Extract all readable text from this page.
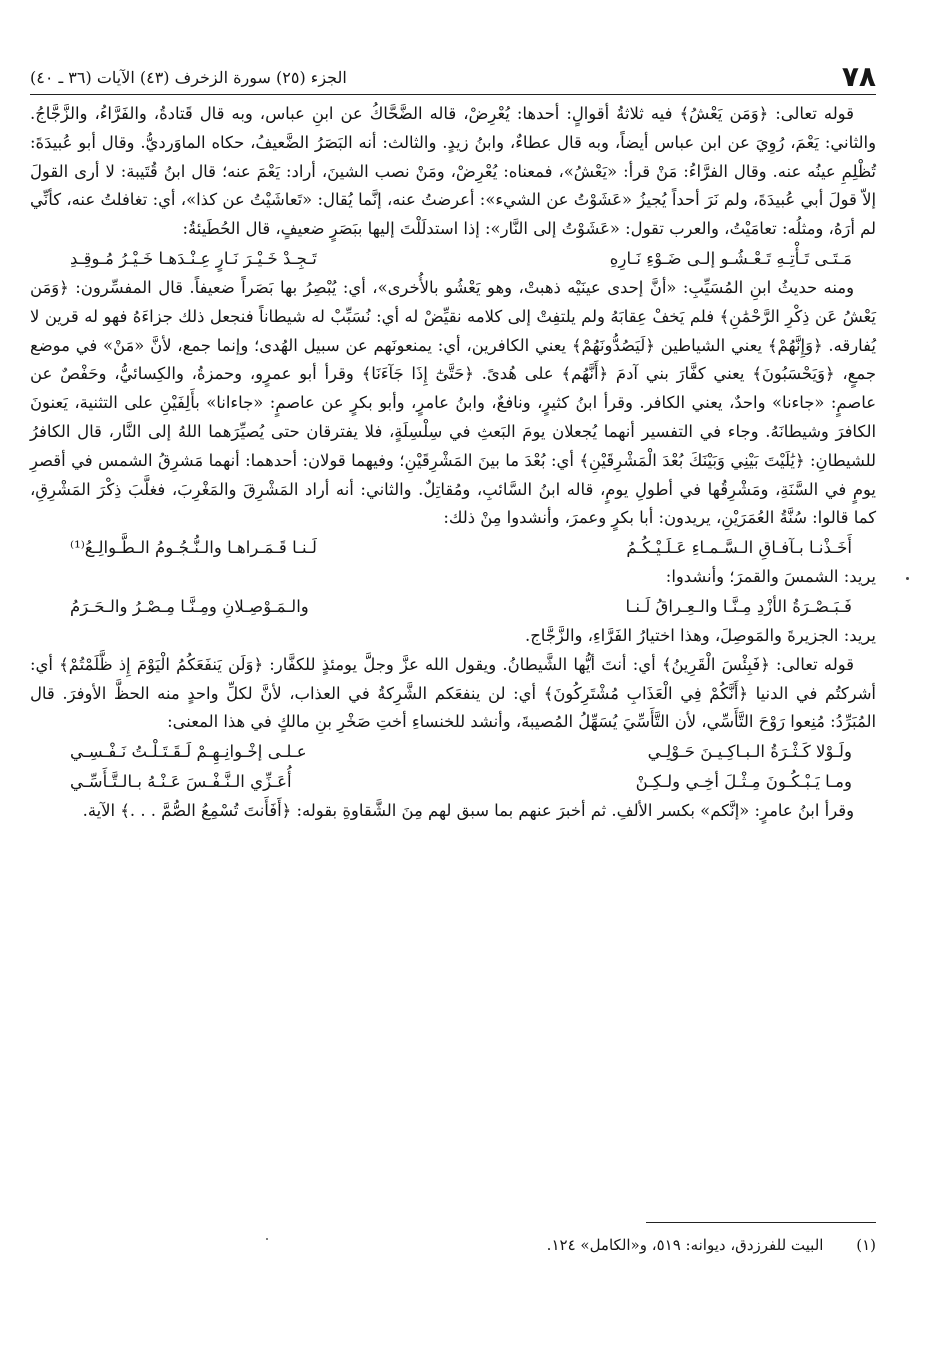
٧٨
الجزء (٢٥) سورة الزخرف (٤٣) الآيات (٣٦ ـ ٤٠)

قوله تعالى: ﴿وَمَن يَعْشُ﴾ فيه ثلاثةُ أقوالٍ: أحدها: يُعْرِضْ، قاله الضَّحَّاكُ عن ابنِ عباس، وبه قال قَتادةُ، والفَرَّاءُ، والزَّجَّاجُ. والثاني: يَعْمَ، رُوِيَ عن ابن عباس أيضاً، وبه قال عطاءٌ، وابنُ زيدٍ. والثالث: أنه البَصَرُ الضَّعيفُ، حكاه الماوَرديُّ. وقال أبو عُبيدَةَ: تُظْلِمِ عينُه عنه. وقال الفرَّاءُ: مَنْ قرأ: «يَعْشُ»، فمعناه: يُعْرِضْ، ومَنْ نصب الشينَ، أراد: يَعْمَ عنه؛ قال ابنُ قُتَيبة: لا أرى القولَ إلاّ قولَ أبي عُبيدَةَ، ولم نَرَ أحداً يُجيزُ «عَشَوْتُ عن الشيء»: أعرضتُ عنه، إنَّما يُقال: «تَعاشَيْتُ عن كذا»، أي: تغافلتُ عنه، كأنِّي لم أرَهُ، ومثلُه: تعامَيْتُ، والعرب تقول: «عَشَوْتُ إلى النَّار»: إذا استدلَلْتَ إليها ببَصَرٍ ضعيفٍ، قال الحُطَيئةُ:

مَـتَـى تَـأْتِـهِ تَـعْـشُـو إلـى ضَـوْءِ نَـارِهِ
تَـجِـدْ خَـيْـرَ نَـارٍ عِـنْـدَهـا خَـيْـرُ مُـوقِـدِ

ومنه حديثُ ابنِ المُسَيِّبِ: «أنَّ إحدى عينَيْه ذهبتْ، وهو يَعْشُو بالأُخرى»، أي: يُبْصِرُ بها بَصَراً ضعيفاً. قال المفسِّرون: ﴿وَمَن يَعْشُ عَن ذِكْرِ الرَّحْمَٰنِ﴾ فلم يَخفْ عِقابَهُ ولم يلتفِتْ إلى كلامه نقيِّضْ له أي: نُسَبِّبْ له شيطاناً فنجعل ذلك جزاءَهُ فهو له قرين لا يُفارقه. ﴿وَإِنَّهُمْ﴾ يعني الشياطين ﴿لَيَصُدُّونَهُمْ﴾ يعني الكافرين، أي: يمنعونَهم عن سبيل الهُدى؛ وإنما جمع، لأنَّ «مَنْ» في موضع جمعٍ، ﴿وَيَحْسَبُونَ﴾ يعني كفَّارَ بني آدمَ ﴿أَنَّهُم﴾ على هُدىً. ﴿حَتَّىٰٓ إِذَا جَآءَنَا﴾ وقرأ أبو عمرٍو، وحمزةُ، والكِسائيُّ، وحَفْصٌ عن عاصمٍ: «جاءنا» واحدٌ، يعني الكافر. وقرأ ابنُ كثيرٍ، ونافعٌ، وابنُ عامرٍ، وأبو بكرٍ عن عاصمٍ: «جاءانا» بأَلِفَيْنِ على التثنية، يَعنونَ الكافرَ وشيطانَهُ. وجاء في التفسير أنهما يُجعلان يومَ البَعثِ في سِلْسِلَةٍ، فلا يفترقان حتى يُصيِّرَهما اللهُ إلى النَّار، قال الكافرُ للشيطانِ: ﴿يَٰلَيْتَ بَيْنِي وَبَيْنَكَ بُعْدَ الْمَشْرِقَيْنِ﴾ أي: بُعْدَ ما بينَ المَشْرِقَيْنِ؛ وفيهما قولان: أحدهما: أنهما مَشرِقُ الشمس في أقصرِ يومٍ في السَّنَةِ، ومَشْرِقُها في أطولِ يومٍ، قاله ابنُ السَّائبِ، ومُقاتِلٌ. والثاني: أنه أراد المَشْرِقَ والمَغْرِبَ، فغلَّبَ ذِكْرَ المَشْرِقِ، كما قالوا: سُنَّةُ العُمَرَيْنِ، يريدون: أبا بكرٍ وعمرَ، وأنشدوا مِنْ ذلك:

أَخَـذْنـا بـآفـاقِ الـسَّـمـاءِ عَـلَـيْـكُـمُ
لَـنـا قَـمَـراهـا والـنُّـجُـومُ الـطَّـوالِـعُ⁽¹⁾

يريد: الشمسَ والقمرَ؛ وأنشدوا:

فَـبَـصْـرَةُ الأزْدِ مِـنَّـا والـعِـراقُ لَـنـا
والـمَـوْصِـلانِ ومِـنَّـا مِـصْـرُ والـحَـرَمُ

يريد: الجزيرةَ والمَوصِلَ، وهذا اختيارُ الفَرَّاءِ، والزَّجَّاج.

قوله تعالى: ﴿فَبِئْسَ الْقَرِينُ﴾ أي: أنتَ أيُّها الشَّيطانُ. ويقول الله عزَّ وجلَّ يومئذٍ للكفَّار: ﴿وَلَن يَنفَعَكُمُ الْيَوْمَ إِذ ظَّلَمْتُمْ﴾ أي: أشركتُم في الدنيا ﴿أَنَّكُمْ فِي الْعَذَابِ مُشْتَرِكُونَ﴾ أي: لن ينفعَكم الشَّرِكةُ في العذاب، لأنَّ لكلِّ واحدٍ منه الحظَّ الأوفرَ. قال المُبَرِّدُ: مُنِعوا رَوْحَ التَّأَسِّي، لأن التَّأَسِّيَ يُسَهِّلُ المُصيبةَ، وأنشد للخنساءِ أختِ صَخْرِ بنِ مالكٍ في هذا المعنى:

ولَـوْلا كَـثْـرَةُ الـبـاكِـيـنَ حَـوْلِـي
عـلـى إخْـوانِـهِـمْ لَـقَـتَـلْـتُ نَـفْـسِـي
ومـا يَـبْـكُـونَ مِـثْـلَ أخِـي ولـكِـنْ
أُعَـزِّي الـنَّـفْـسَ عَـنْـهُ بـالـتَّـأَسِّـي

وقرأ ابنُ عامرٍ: «إنَّكم» بكسر الألفِ. ثم أخبرَ عنهم بما سبق لهم مِنَ الشَّقاوةِ بقوله: ﴿أَفَأَنتَ تُسْمِعُ الصُّمَّ . . .﴾ الآية.

(١) البيت للفرزدق، ديوانه: ٥١٩، و«الكامل» ١٢٤.
